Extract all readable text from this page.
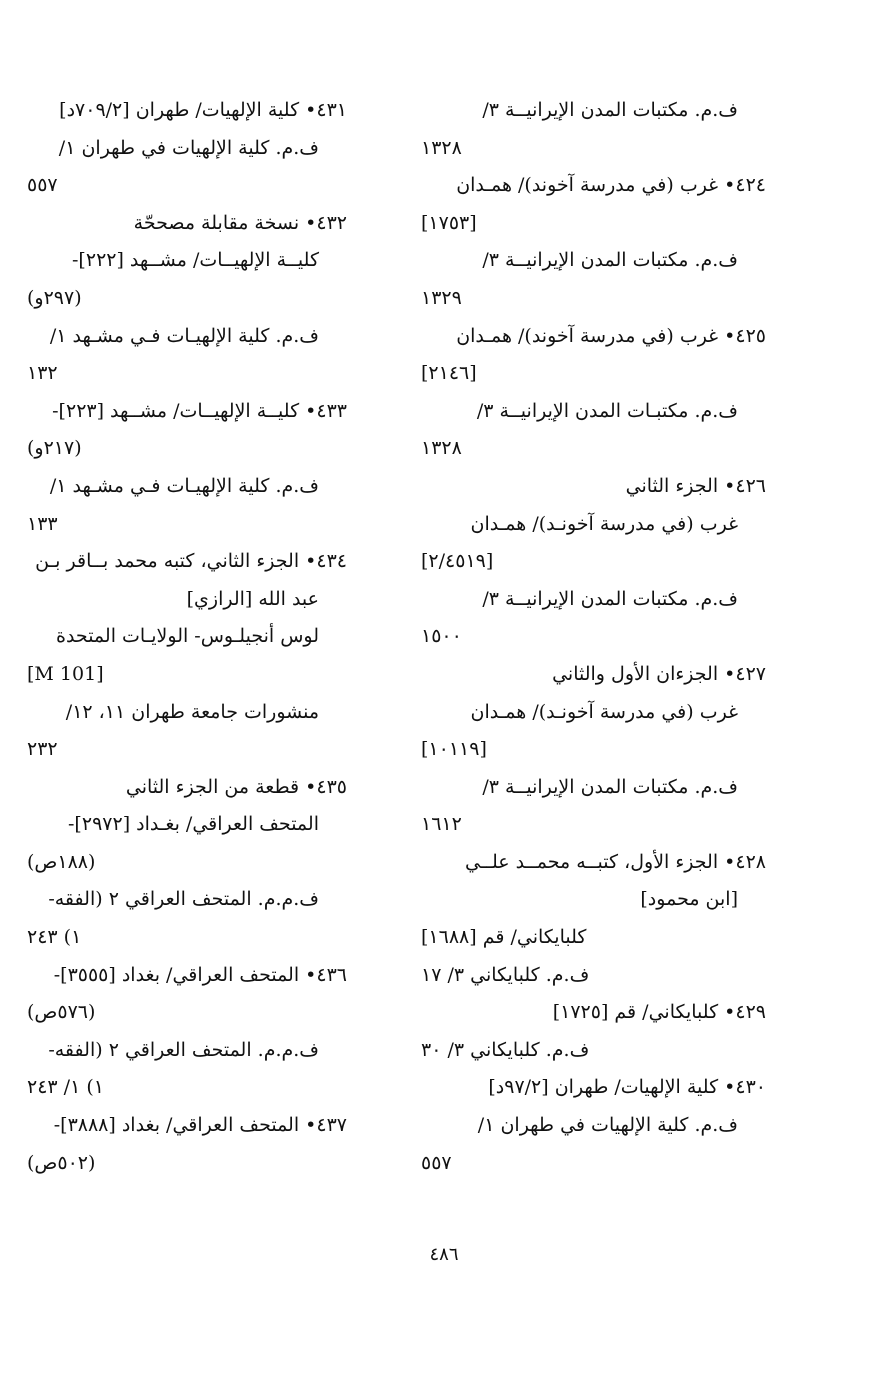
ف.م. مكتبات المدن الإيرانيــة ٣/
١٣٢٨
٤٢٤• غرب (في مدرسة آخوند)/ همـدان
[١٧٥٣]
ف.م. مكتبات المدن الإيرانيــة ٣/
١٣٢٩
٤٢٥• غرب (في مدرسة آخوند)/ همـدان
[٢١٤٦]
ف.م. مكتبـات المدن الإيرانيــة ٣/
١٣٢٨
٤٢٦• الجزء الثاني
غرب (في مدرسة آخونـد)/ همـدان
[٢/٤٥١٩]
ف.م. مكتبات المدن الإيرانيــة ٣/
١٥٠٠
٤٢٧• الجزءان الأول والثاني
غرب (في مدرسة آخونـد)/ همـدان
[١٠١١٩]
ف.م. مكتبات المدن الإيرانيــة ٣/
١٦١٢
٤٢٨• الجزء الأول، كتبــه محمــد علــي
[ابن محمود]
كلبايكاني/ قم [١٦٨٨]
ف.م. كلبايكاني ٣/ ١٧
٤٢٩• كلبايكاني/ قم [١٧٢٥]
ف.م. كلبايكاني ٣/ ٣٠
٤٣٠• كلية الإلهيات/ طهران [٩٧/٢د]
ف.م. كلية الإلهيات في طهران ١/
٥٥٧
٤٣١• كلية الإلهيات/ طهران [٧٠٩/٢د]
ف.م. كلية الإلهيات في طهران ١/
٥٥٧
٤٣٢• نسخة مقابلة مصححّة
كليــة الإلهيــات/ مشــهد [٢٢٢]-
(٢٩٧و)
ف.م. كلية الإلهيـات فـي مشـهد ١/
١٣٢
٤٣٣• كليــة الإلهيــات/ مشــهد [٢٢٣]-
(٢١٧و)
ف.م. كلية الإلهيـات فـي مشـهد ١/
١٣٣
٤٣٤• الجزء الثاني، كتبه محمد بــاقر بـن
عبد الله [الرازي]
لوس أنجيلـوس- الولايـات المتحدة
[M 101]
منشورات جامعة طهران ١١، ١٢/
٢٣٢
٤٣٥• قطعة من الجزء الثاني
المتحف العراقي/ بغـداد [٢٩٧٢]-
(١٨٨ص)
ف.م.م. المتحف العراقي ٢ (الفقه-
١) ٢٤٣
٤٣٦• المتحف العراقي/ بغداد [٣٥٥٥]-
(٥٧٦ص)
ف.م.م. المتحف العراقي ٢ (الفقه-
١) ١/ ٢٤٣
٤٣٧• المتحف العراقي/ بغداد [٣٨٨٨]-
(٥٠٢ص)
٤٨٦
